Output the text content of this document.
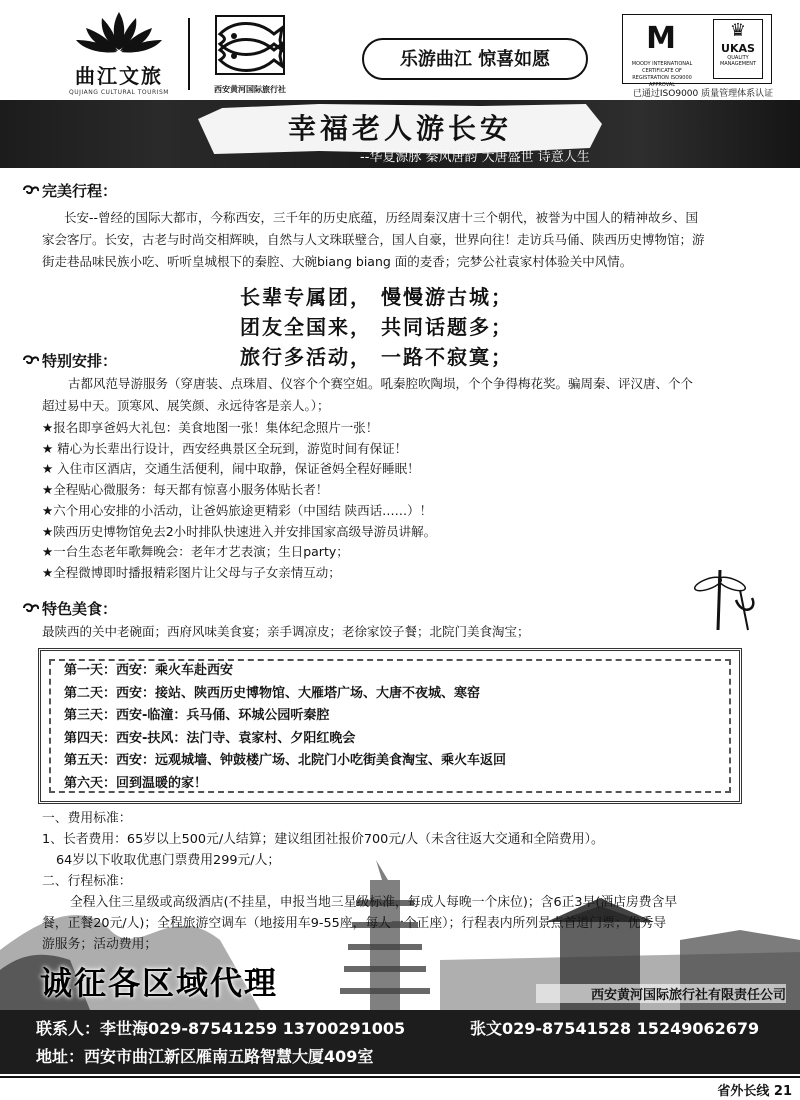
曲江文旅
QUJIANG CULTURAL TOURISM	西安黄河国际旅行社
乐游曲江 惊喜如愿
M
MOODY INTERNATIONAL CERTIFICATE OF REGISTRATION ISO9000 APPROVAL
♛
UKAS
QUALITY MANAGEMENT
已通过ISO9000 质量管理体系认证
幸福老人游长安
--华夏源脉 秦风唐韵 大唐盛世 诗意人生
完美行程：
长安--曾经的国际大都市，今称西安，三千年的历史底蕴，历经周秦汉唐十三个朝代，被誉为中国人的精神故乡、国
家会客厅。长安，古老与时尚交相辉映，自然与人文珠联璧合，国人自豪，世界向往！走访兵马俑、陕西历史博物馆；游
街走巷品味民族小吃、听听皇城根下的秦腔、大碗biang biang 面的麦香；完梦公社袁家村体验关中风情。
长辈专属团， 慢慢游古城；
团友全国来， 共同话题多；
旅行多活动， 一路不寂寞；
特别安排：
古都风范导游服务（穿唐装、点珠眉、仪容个个赛空姐。吼秦腔吹陶埙，个个争得梅花奖。骗周秦、评汉唐、个个
超过易中天。顶寒风、展笑颜、永远待客是亲人。）；
★报名即享爸妈大礼包：美食地图一张！集体纪念照片一张！
★ 精心为长辈出行设计，西安经典景区全玩到，游览时间有保证！
★ 入住市区酒店，交通生活便利，闹中取静，保证爸妈全程好睡眠！
★全程贴心微服务：每天都有惊喜小服务体贴长者！
★六个用心安排的小活动，让爸妈旅途更精彩（中国结 陕西话……）！
★陕西历史博物馆免去2小时排队快速进入并安排国家高级导游员讲解。
★一台生态老年歌舞晚会：老年才艺表演；生日party；
★全程微博即时播报精彩图片让父母与子女亲情互动；
特色美食：
最陕西的关中老碗面；西府风味美食宴；亲手调凉皮；老徐家饺子餐；北院门美食淘宝；
第一天：西安：乘火车赴西安
第二天：西安：接站、陕西历史博物馆、大雁塔广场、大唐不夜城、寒窑
第三天：西安-临潼：兵马俑、环城公园听秦腔
第四天：西安-扶风：法门寺、袁家村、夕阳红晚会
第五天：西安：远观城墙、钟鼓楼广场、北院门小吃街美食淘宝、乘火车返回
第六天：回到温暖的家！
一、费用标准：
1、长者费用：65岁以上500元/人结算；建议组团社报价700元/人（未含往返大交通和全陪费用）。
64岁以下收取优惠门票费用299元/人；
二、行程标准：
全程入住三星级或高级酒店(不挂星，申报当地三星级标准，每成人每晚一个床位)；含6正3早(酒店房费含早
餐，正餐20元/人)；全程旅游空调车（地接用车9-55座，每人一个正座）；行程表内所列景点首道门票；优秀导
游服务；活动费用；
诚征各区域代理	西安黄河国际旅行社有限责任公司
联系人：李世海029-87541259 13700291005	张文029-87541528 15249062679
地址：西安市曲江新区雁南五路智慧大厦409室
省外长线 21
